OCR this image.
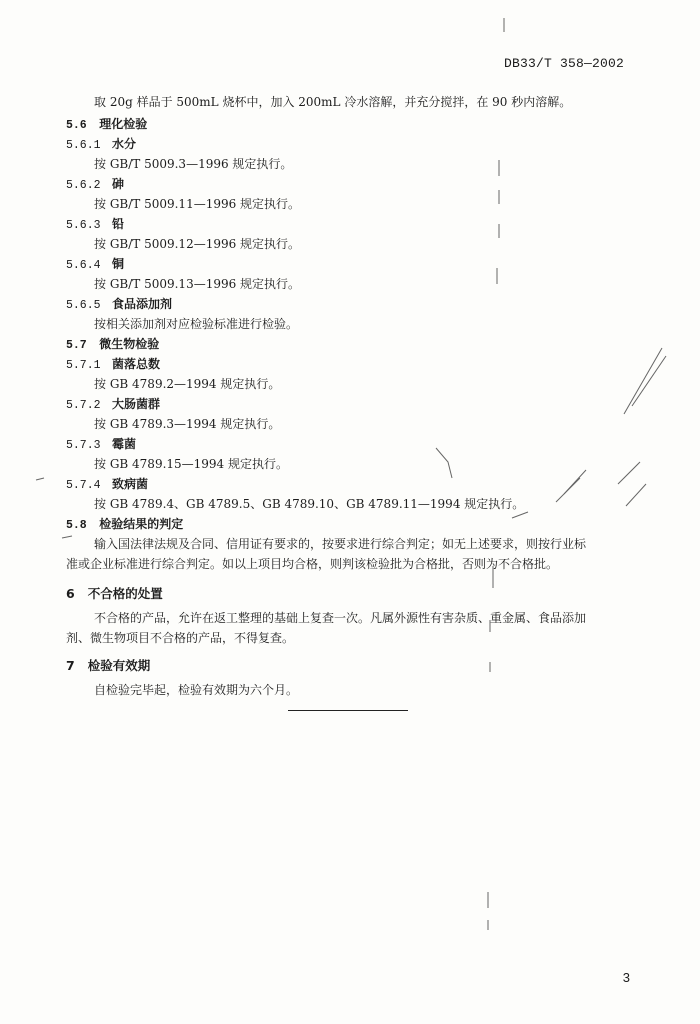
DB33/T 358—2002
取 20g 样品于 500mL 烧杯中，加入 200mL 冷水溶解，并充分搅拌，在 90 秒内溶解。
5.6 理化检验
5.6.1 水分
按 GB/T 5009.3—1996 规定执行。
5.6.2 砷
按 GB/T 5009.11—1996 规定执行。
5.6.3 铅
按 GB/T 5009.12—1996 规定执行。
5.6.4 铜
按 GB/T 5009.13—1996 规定执行。
5.6.5 食品添加剂
按相关添加剂对应检验标准进行检验。
5.7 微生物检验
5.7.1 菌落总数
按 GB 4789.2—1994 规定执行。
5.7.2 大肠菌群
按 GB 4789.3—1994 规定执行。
5.7.3 霉菌
按 GB 4789.15—1994 规定执行。
5.7.4 致病菌
按 GB 4789.4、GB 4789.5、GB 4789.10、GB 4789.11—1994 规定执行。
5.8 检验结果的判定
输入国法律法规及合同、信用证有要求的，按要求进行综合判定；如无上述要求，则按行业标
准或企业标准进行综合判定。如以上项目均合格，则判该检验批为合格批，否则为不合格批。
6 不合格的处置
不合格的产品，允许在返工整理的基础上复查一次。凡属外源性有害杂质、重金属、食品添加
剂、微生物项目不合格的产品，不得复查。
7 检验有效期
自检验完毕起，检验有效期为六个月。
3
